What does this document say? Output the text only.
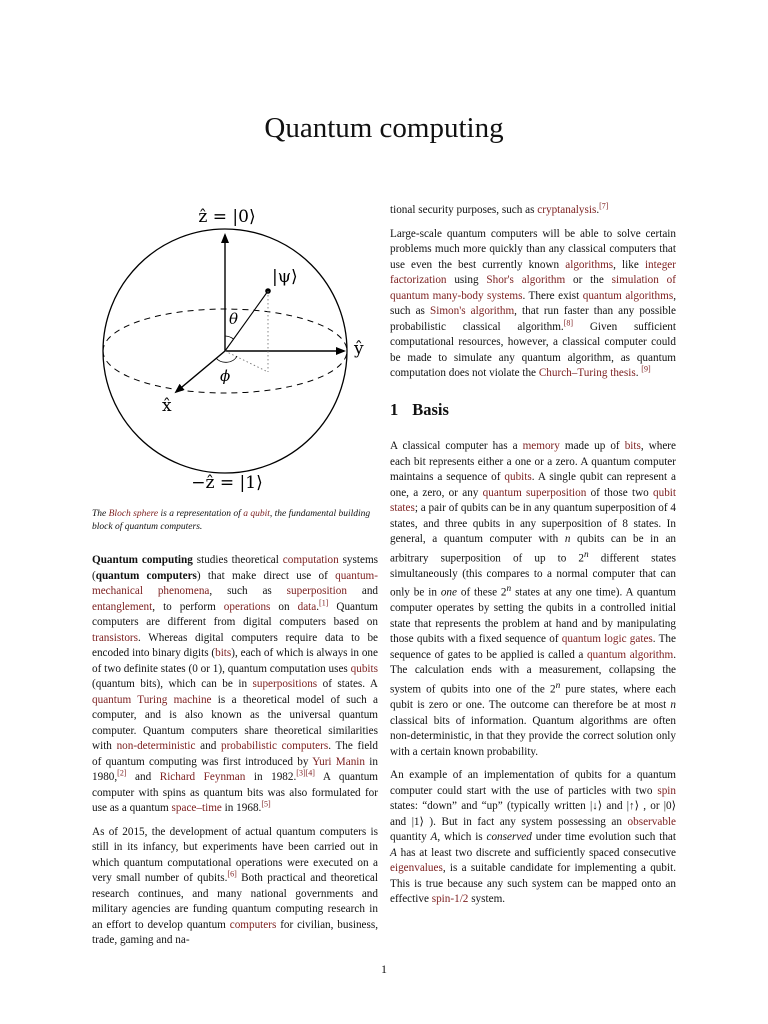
Quantum computing
ẑ = |0⟩
|ψ⟩
θ
ϕ
ŷ
x̂
−ẑ = |1⟩

The Bloch sphere is a representation of a qubit, the fundamental building block of quantum computers.

Quantum computing studies theoretical computation systems (quantum computers) that make direct use of quantum-mechanical phenomena, such as superposition and entanglement, to perform operations on data.[1] Quantum computers are different from digital computers based on transistors. Whereas digital computers require data to be encoded into binary digits (bits), each of which is always in one of two definite states (0 or 1), quantum computation uses qubits (quantum bits), which can be in superpositions of states. A quantum Turing machine is a theoretical model of such a computer, and is also known as the universal quantum computer. Quantum computers share theoretical similarities with non-deterministic and probabilistic computers. The field of quantum computing was first introduced by Yuri Manin in 1980,[2] and Richard Feynman in 1982.[3][4] A quantum computer with spins as quantum bits was also formulated for use as a quantum space–time in 1968.[5]

As of 2015, the development of actual quantum computers is still in its infancy, but experiments have been carried out in which quantum computational operations were executed on a very small number of qubits.[6] Both practical and theoretical research continues, and many national governments and military agencies are funding quantum computing research in an effort to develop quantum computers for civilian, business, trade, gaming and na-

tional security purposes, such as cryptanalysis.[7]

Large-scale quantum computers will be able to solve certain problems much more quickly than any classical computers that use even the best currently known algorithms, like integer factorization using Shor's algorithm or the simulation of quantum many-body systems. There exist quantum algorithms, such as Simon's algorithm, that run faster than any possible probabilistic classical algorithm.[8] Given sufficient computational resources, however, a classical computer could be made to simulate any quantum algorithm, as quantum computation does not violate the Church–Turing thesis. [9]

1 Basis

A classical computer has a memory made up of bits, where each bit represents either a one or a zero. A quantum computer maintains a sequence of qubits. A single qubit can represent a one, a zero, or any quantum superposition of those two qubit states; a pair of qubits can be in any quantum superposition of 4 states, and three qubits in any superposition of 8 states. In general, a quantum computer with n qubits can be in an arbitrary superposition of up to 2$^n$ different states simultaneously (this compares to a normal computer that can only be in one of these 2$^n$ states at any one time). A quantum computer operates by setting the qubits in a controlled initial state that represents the problem at hand and by manipulating those qubits with a fixed sequence of quantum logic gates. The sequence of gates to be applied is called a quantum algorithm. The calculation ends with a measurement, collapsing the system of qubits into one of the 2$^n$ pure states, where each qubit is zero or one. The outcome can therefore be at most n classical bits of information. Quantum algorithms are often non-deterministic, in that they provide the correct solution only with a certain known probability.

An example of an implementation of qubits for a quantum computer could start with the use of particles with two spin states: “down” and “up” (typically written |↓⟩ and |↑⟩ , or |0⟩ and |1⟩ ). But in fact any system possessing an observable quantity A, which is conserved under time evolution such that A has at least two discrete and sufficiently spaced consecutive eigenvalues, is a suitable candidate for implementing a qubit. This is true because any such system can be mapped onto an effective spin-1/2 system.

1
